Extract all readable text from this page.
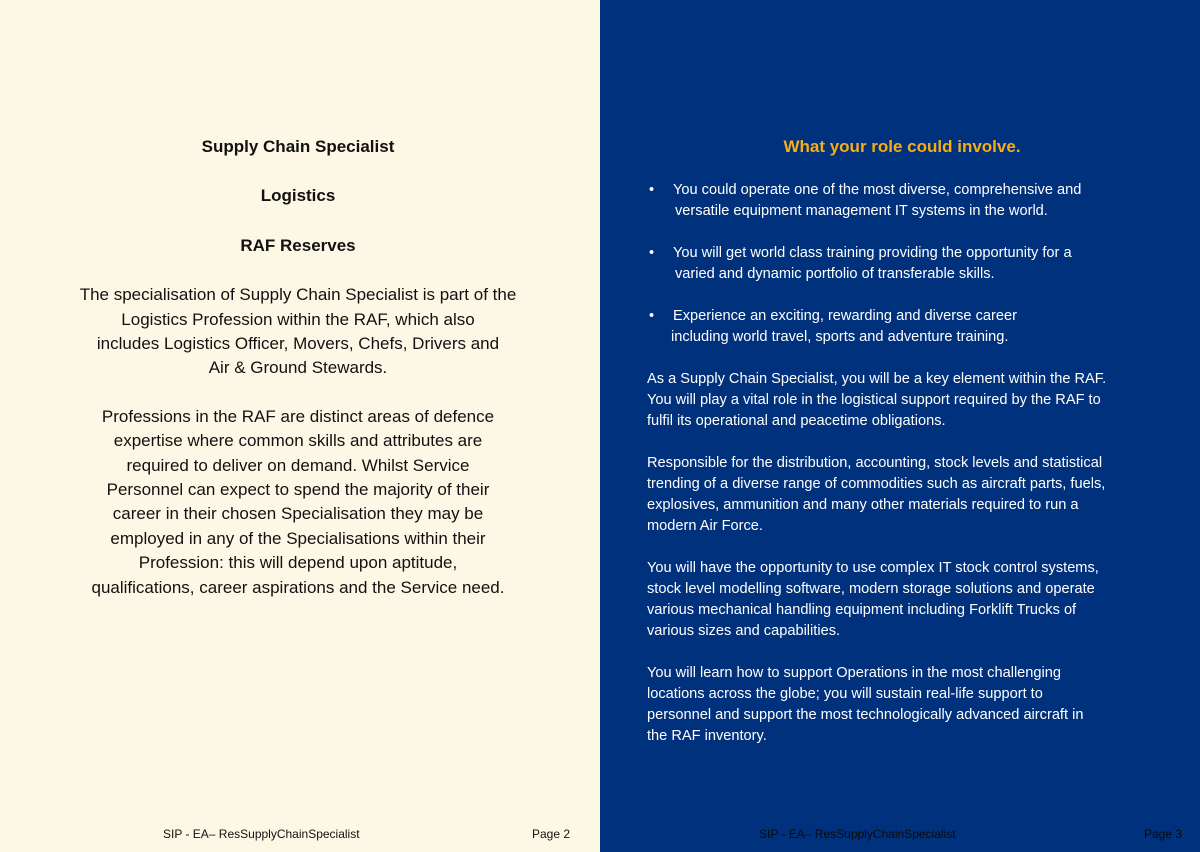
Supply Chain Specialist
Logistics
RAF Reserves
The specialisation of Supply Chain Specialist is part of the
Logistics Profession within the RAF, which also
includes Logistics Officer, Movers, Chefs, Drivers and
Air & Ground Stewards.
Professions in the RAF are distinct areas of defence
expertise where common skills and attributes are
required to deliver on demand. Whilst Service
Personnel can expect to spend the majority of their
career in their chosen Specialisation they may be
employed in any of the Specialisations within their
Profession: this will depend upon aptitude,
qualifications, career aspirations and the Service need.
SIP - EA– ResSupplyChainSpecialist	Page 2
What your role could involve.
•	You could operate one of the most diverse, comprehensive and
versatile equipment management IT systems in the world.
•	You will get world class training providing the opportunity for a
varied and dynamic portfolio of transferable skills.
•	Experience an exciting, rewarding and diverse career
including world travel, sports and adventure training.
As a Supply Chain Specialist, you will be a key element within the RAF.
You will play a vital role in the logistical support required by the RAF to
fulfil its operational and peacetime obligations.
Responsible for the distribution, accounting, stock levels and statistical
trending of a diverse range of commodities such as aircraft parts, fuels,
explosives, ammunition and many other materials required to run a
modern Air Force.
You will have the opportunity to use complex IT stock control systems,
stock level modelling software, modern storage solutions and operate
various mechanical handling equipment including Forklift Trucks of
various sizes and capabilities.
You will learn how to support Operations in the most challenging
locations across the globe; you will sustain real-life support to
personnel and support the most technologically advanced aircraft in
the RAF inventory.
SIP - EA– ResSupplyChainSpecialist	Page 3
